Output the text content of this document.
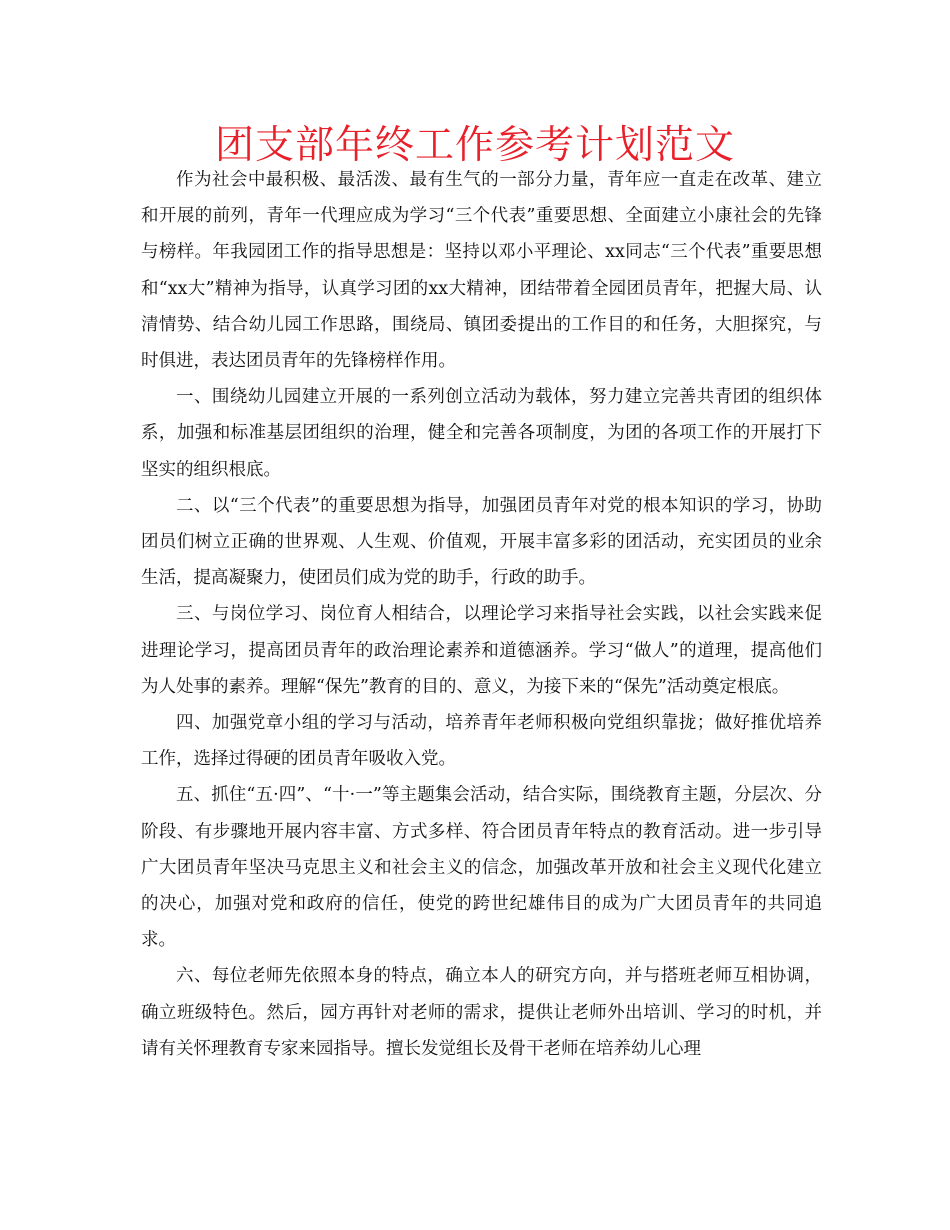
团支部年终工作参考计划范文

作为社会中最积极、最活泼、最有生气的一部分力量，青年应一直走在改革、建立和开展的前列，青年一代理应成为学习“三个代表”重要思想、全面建立小康社会的先锋与榜样。年我园团工作的指导思想是：坚持以邓小平理论、xx同志“三个代表”重要思想和“xx大”精神为指导，认真学习团的xx大精神，团结带着全园团员青年，把握大局、认清情势、结合幼儿园工作思路，围绕局、镇团委提出的工作目的和任务，大胆探究，与时俱进，表达团员青年的先锋榜样作用。

一、围绕幼儿园建立开展的一系列创立活动为载体，努力建立完善共青团的组织体系，加强和标准基层团组织的治理，健全和完善各项制度，为团的各项工作的开展打下坚实的组织根底。

二、以“三个代表”的重要思想为指导，加强团员青年对党的根本知识的学习，协助团员们树立正确的世界观、人生观、价值观，开展丰富多彩的团活动，充实团员的业余生活，提高凝聚力，使团员们成为党的助手，行政的助手。

三、与岗位学习、岗位育人相结合，以理论学习来指导社会实践，以社会实践来促进理论学习，提高团员青年的政治理论素养和道德涵养。学习“做人”的道理，提高他们为人处事的素养。理解“保先”教育的目的、意义，为接下来的“保先”活动奠定根底。

四、加强党章小组的学习与活动，培养青年老师积极向党组织靠拢；做好推优培养工作，选择过得硬的团员青年吸收入党。

五、抓住“五·四”、“十·一”等主题集会活动，结合实际，围绕教育主题，分层次、分阶段、有步骤地开展内容丰富、方式多样、符合团员青年特点的教育活动。进一步引导广大团员青年坚决马克思主义和社会主义的信念，加强改革开放和社会主义现代化建立的决心，加强对党和政府的信任，使党的跨世纪雄伟目的成为广大团员青年的共同追求。

六、每位老师先依照本身的特点，确立本人的研究方向，并与搭班老师互相协调，确立班级特色。然后，园方再针对老师的需求，提供让老师外出培训、学习的时机，并请有关怀理教育专家来园指导。擅长发觉组长及骨干老师在培养幼儿心理
